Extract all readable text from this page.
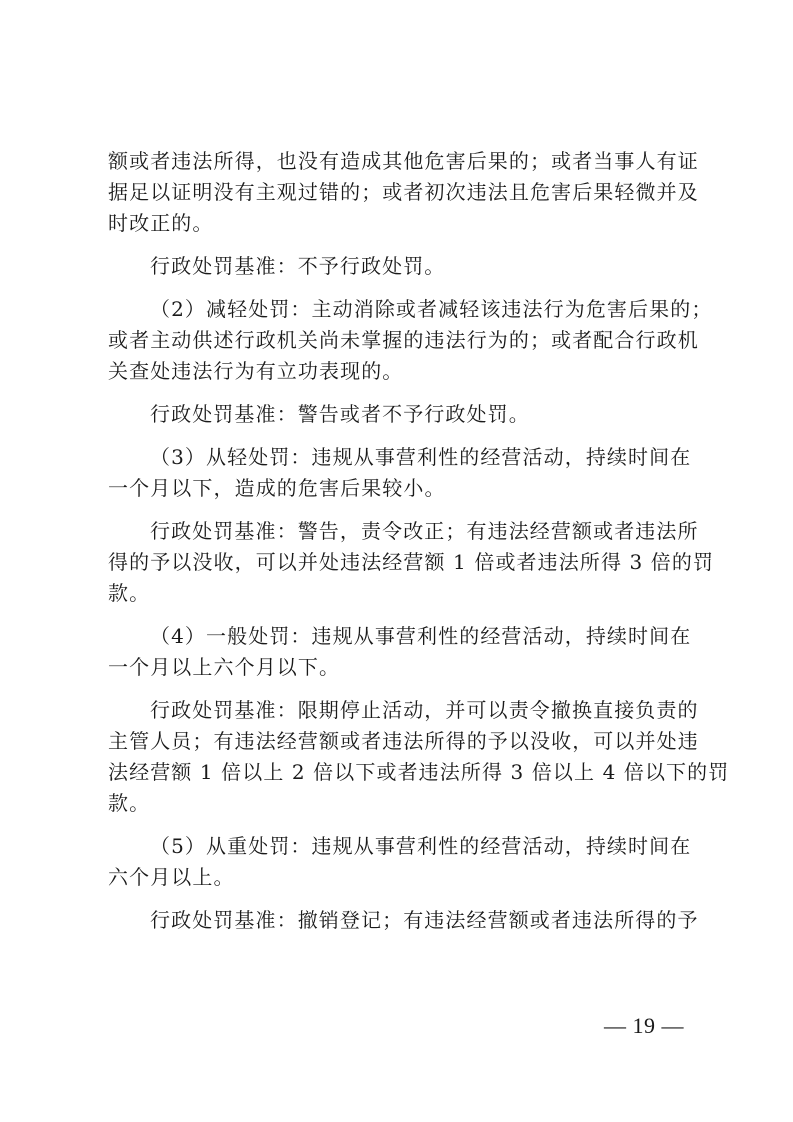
额或者违法所得，也没有造成其他危害后果的；或者当事人有证
据足以证明没有主观过错的；或者初次违法且危害后果轻微并及
时改正的。
行政处罚基准：不予行政处罚。
（2）减轻处罚：主动消除或者减轻该违法行为危害后果的；
或者主动供述行政机关尚未掌握的违法行为的；或者配合行政机
关查处违法行为有立功表现的。
行政处罚基准：警告或者不予行政处罚。
（3）从轻处罚：违规从事营利性的经营活动，持续时间在
一个月以下，造成的危害后果较小。
行政处罚基准：警告，责令改正；有违法经营额或者违法所
得的予以没收，可以并处违法经营额 1 倍或者违法所得 3 倍的罚
款。
（4）一般处罚：违规从事营利性的经营活动，持续时间在
一个月以上六个月以下。
行政处罚基准：限期停止活动，并可以责令撤换直接负责的
主管人员；有违法经营额或者违法所得的予以没收，可以并处违
法经营额 1 倍以上 2 倍以下或者违法所得 3 倍以上 4 倍以下的罚
款。
（5）从重处罚：违规从事营利性的经营活动，持续时间在
六个月以上。
行政处罚基准：撤销登记；有违法经营额或者违法所得的予
— 19 —
